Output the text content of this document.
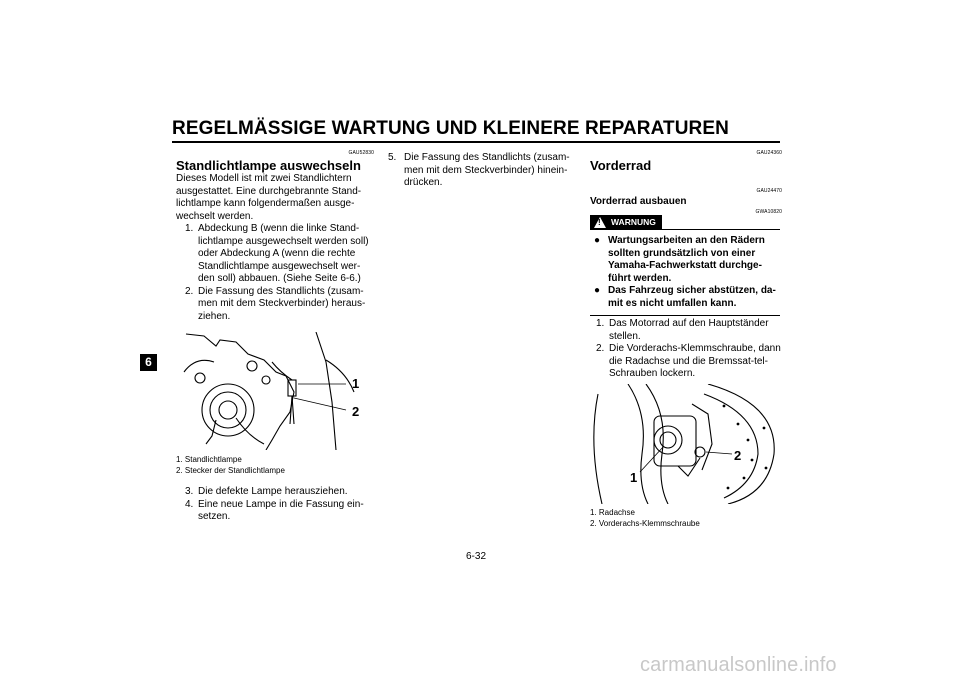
REGELMÄSSIGE WARTUNG UND KLEINERE REPARATUREN
6
GAU52830
Standlichtlampe auswechseln
Dieses Modell ist mit zwei Standlichtern ausgestattet. Eine durchgebrannte Stand-lichtlampe kann folgendermaßen ausge-wechselt werden.
1. Abdeckung B (wenn die linke Stand-lichtlampe ausgewechselt werden soll) oder Abdeckung A (wenn die rechte Standlichtlampe ausgewechselt wer-den soll) abbauen. (Siehe Seite 6-6.)
2. Die Fassung des Standlichts (zusam-men mit dem Steckverbinder) heraus-ziehen.
1
2
1. Standlichtlampe
2. Stecker der Standlichtlampe
3. Die defekte Lampe herausziehen.
4. Eine neue Lampe in die Fassung ein-setzen.
5. Die Fassung des Standlichts (zusam-men mit dem Steckverbinder) hinein-drücken.
GAU24360
Vorderrad
GAU24470
Vorderrad ausbauen
GWA10820
! WARNUNG
● Wartungsarbeiten an den Rädern sollten grundsätzlich von einer Yamaha-Fachwerkstatt durchge-führt werden.
● Das Fahrzeug sicher abstützen, da-mit es nicht umfallen kann.
1. Das Motorrad auf den Hauptständer stellen.
2. Die Vorderachs-Klemmschraube, dann die Radachse und die Bremssat-tel-Schrauben lockern.
1
2
1. Radachse
2. Vorderachs-Klemmschraube
6-32
carmanualsonline.info
